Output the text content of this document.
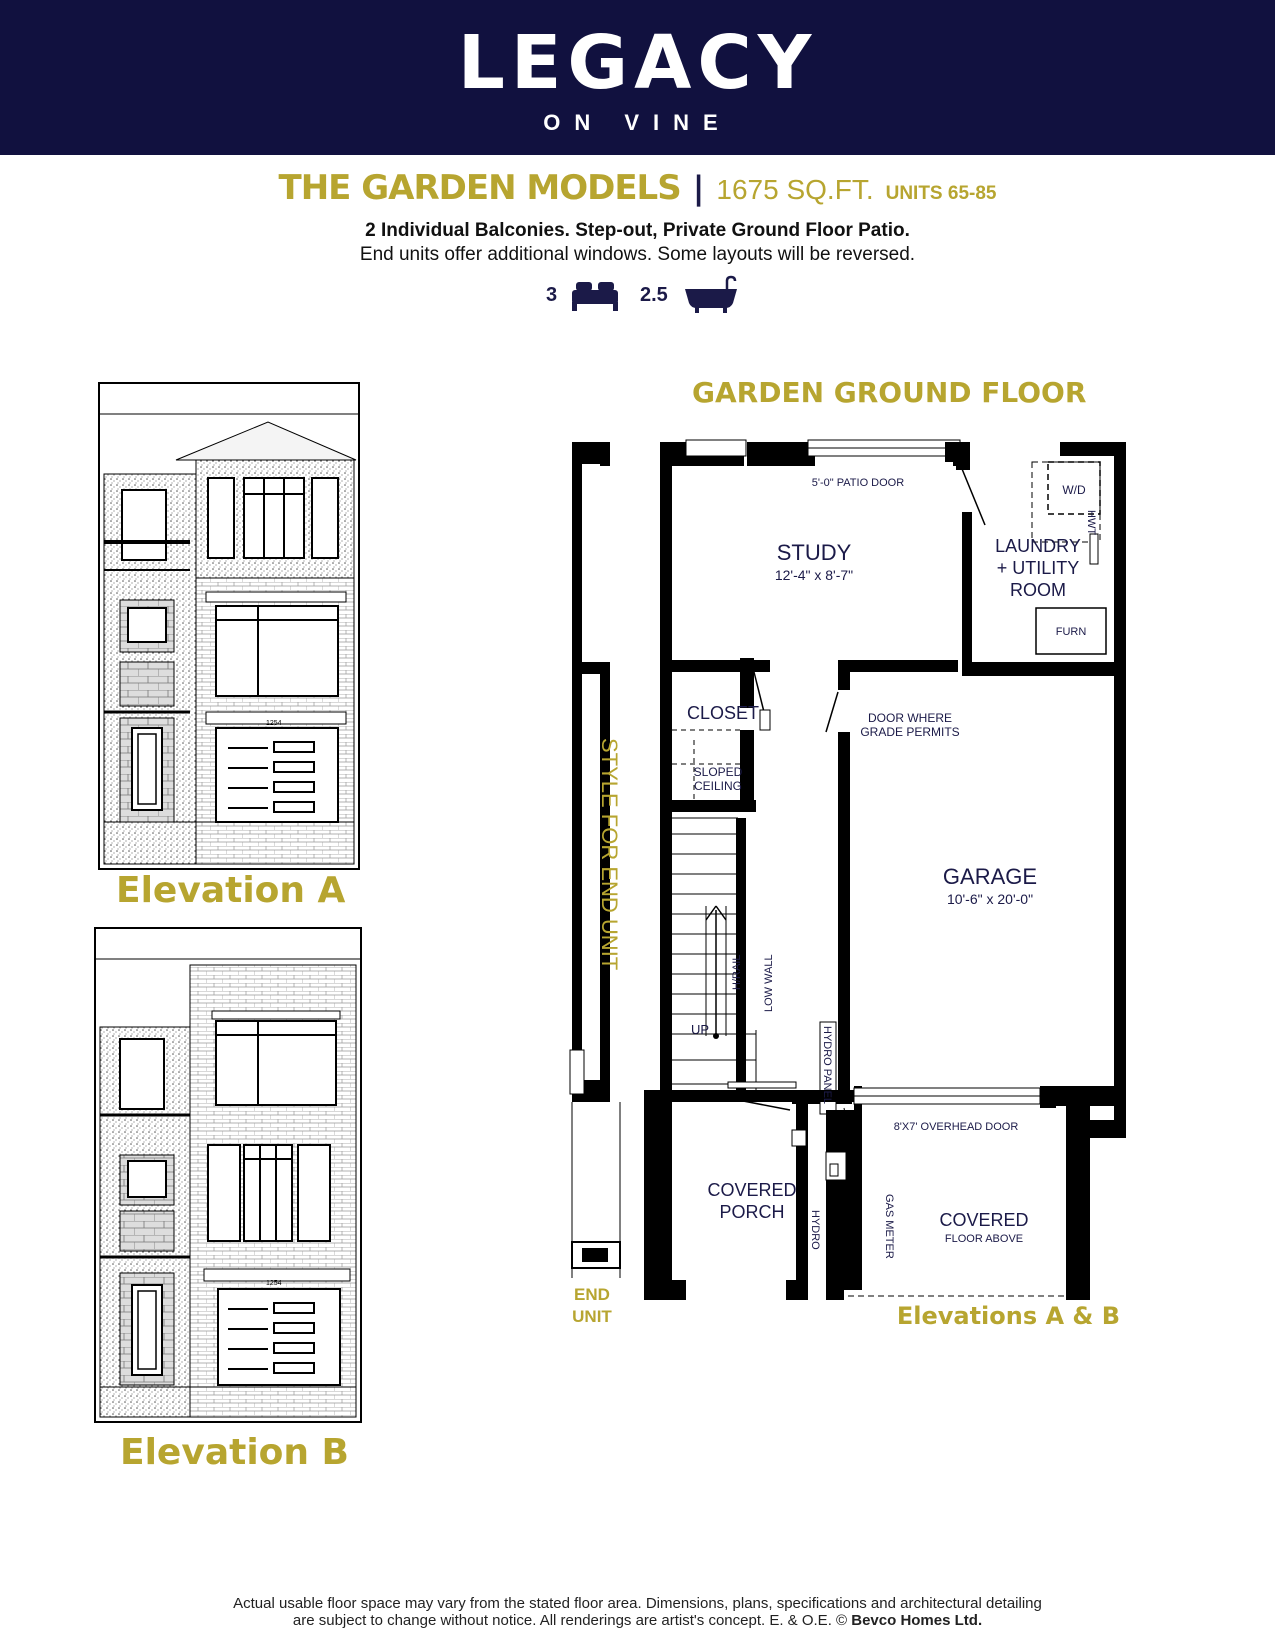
LEGACY
ON VINE
THE GARDEN MODELS | 1675 SQ.FT. UNITS 65-85
2 Individual Balconies. Step-out, Private Ground Floor Patio.
End units offer additional windows. Some layouts will be reversed.
3	2.5
1254
Elevation A
1254
Elevation B
GARDEN GROUND FLOOR
5'-0" PATIO DOOR
STUDY
12'-4" x 8'-7"
LAUNDRY
+ UTILITY
ROOM
W/D
HWT
FURN
CLOSET
SLOPED
CEILING
DOOR WHERE
GRADE PERMITS
GARAGE
10'-6" x 20'-0"
H/RAIL LOW WALL
UP	HYDRO PANEL
8'X7' OVERHEAD DOOR
COVERED
PORCH HYDRO	GAS METER COVERED
FLOOR ABOVE
STYLE FOR END UNIT
END
UNIT	Elevations A & B
Actual usable floor space may vary from the stated floor area. Dimensions, plans, specifications and architectural detailing
are subject to change without notice. All renderings are artist's concept. E. & O.E. © Bevco Homes Ltd.
